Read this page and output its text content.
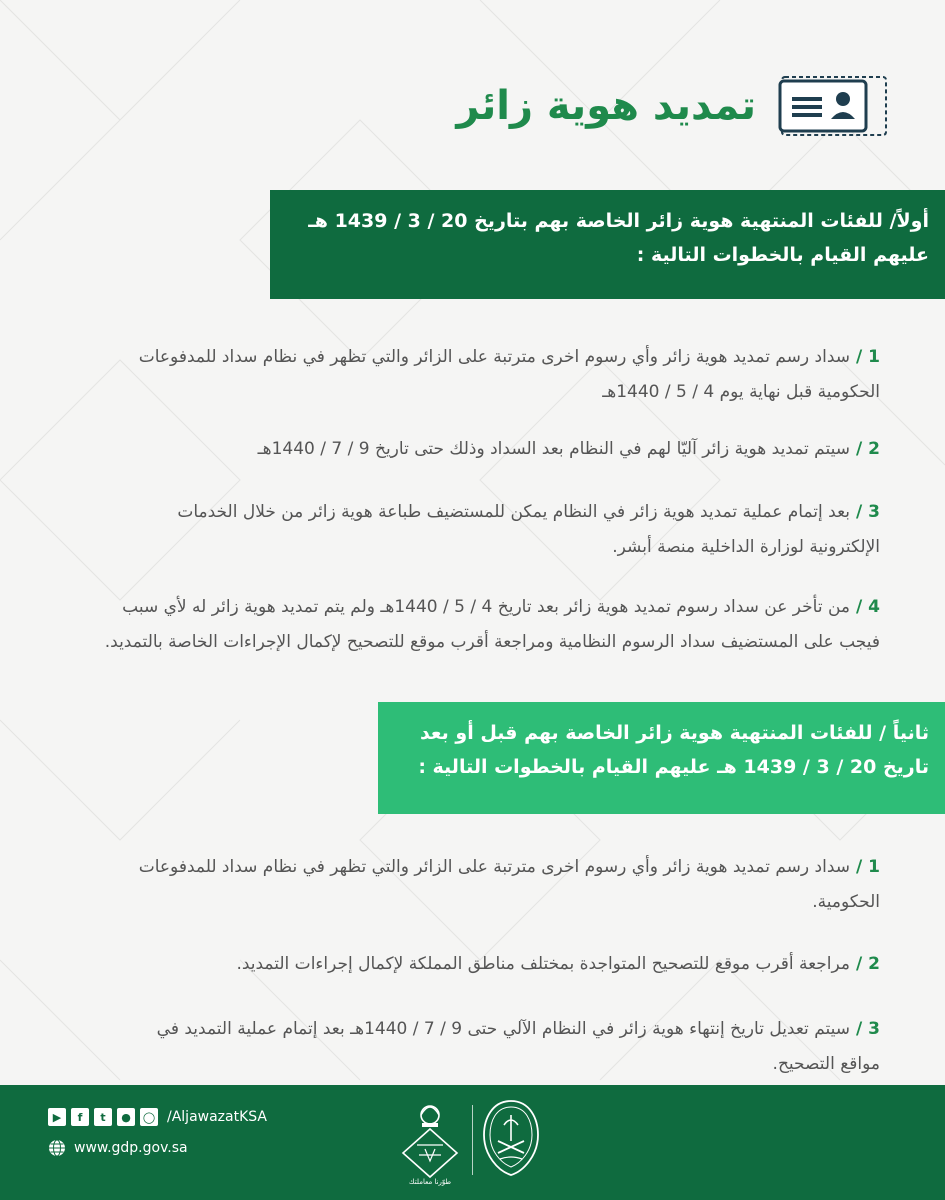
تمديد هوية زائر
أولاً/ للفئات المنتهية هوية زائر الخاصة بهم بتاريخ 20 / 3 / 1439 هـ
عليهم القيام بالخطوات التالية :
1 /سداد رسم تمديد هوية زائر وأي رسوم اخرى مترتبة على الزائر والتي تظهر في نظام سداد للمدفوعات
الحكومية قبل نهاية يوم 4 / 5 / 1440هـ
2 /سيتم تمديد هوية زائر آليّا لهم في النظام بعد السداد وذلك حتى تاريخ 9 / 7 / 1440هـ
3 /بعد إتمام عملية تمديد هوية زائر في النظام يمكن للمستضيف طباعة هوية زائر من خلال الخدمات
الإلكترونية لوزارة الداخلية منصة أبشر.
4 /من تأخر عن سداد رسوم تمديد هوية زائر بعد تاريخ 4 / 5 / 1440هـ ولم يتم تمديد هوية زائر له لأي سبب
فيجب على المستضيف سداد الرسوم النظامية ومراجعة أقرب موقع للتصحيح لإكمال الإجراءات الخاصة بالتمديد.
ثانياً / للفئات المنتهية هوية زائر الخاصة بهم قبل أو بعد
تاريخ 20 / 3 / 1439 هـ عليهم القيام بالخطوات التالية :
1 /سداد رسم تمديد هوية زائر وأي رسوم اخرى مترتبة على الزائر والتي تظهر في نظام سداد للمدفوعات
الحكومية.
2 /مراجعة أقرب موقع للتصحيح المتواجدة بمختلف مناطق المملكة لإكمال إجراءات التمديد.
3 /سيتم تعديل تاريخ إنتهاء هوية زائر في النظام الآلي حتى 9 / 7 / 1440هـ بعد إتمام عملية التمديد في
مواقع التصحيح.
▶	f	t	●	◯ /AljawazatKSA
www.gdp.gov.sa
طوّرنا معاملتك
